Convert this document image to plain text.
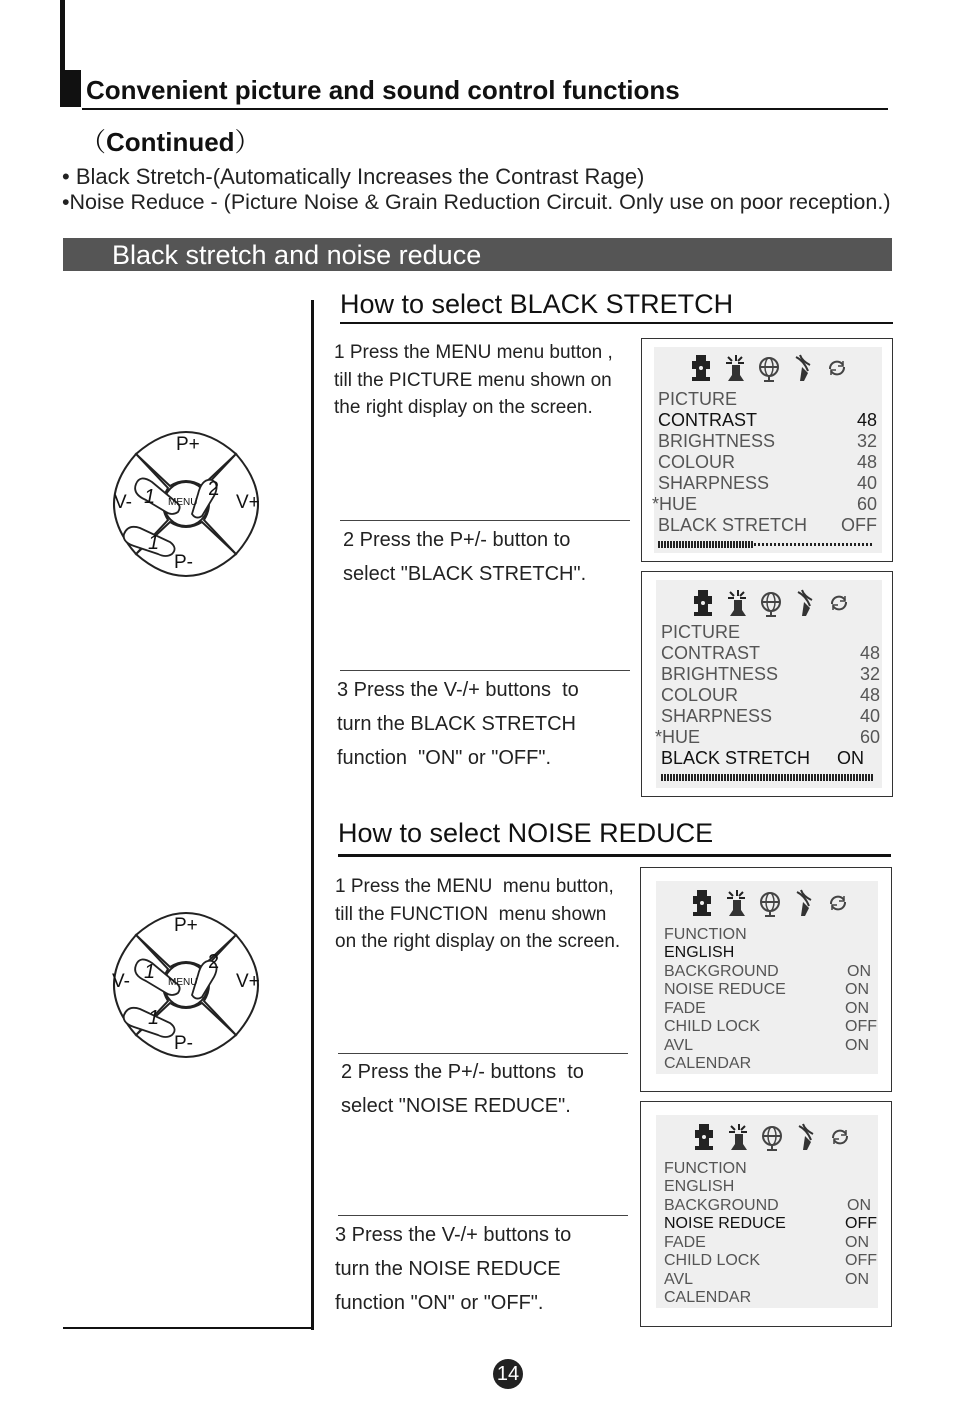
Convenient picture and sound control functions
（Continued）
• Black Stretch-(Automatically Increases the Contrast Rage)
•Noise Reduce - (Picture Noise & Grain Reduction Circuit. Only use on poor reception.)
Black stretch and noise reduce
How to select BLACK STRETCH
1 Press the MENU menu button ,
till the PICTURE menu shown on
the right display on the screen.
2 Press the P+/- button to
select "BLACK STRETCH".
3 Press the V-/+ buttons  to
turn the BLACK STRETCH
function  "ON" or "OFF".
PICTURE

CONTRAST	48

BRIGHTNESS	32

COLOUR	48

SHARPNESS	40

*HUE	60

BLACK STRETCH OFF

PICTURE

CONTRAST	48

BRIGHTNESS	32

COLOUR	48

SHARPNESS	40

*HUE	60

BLACK STRETCH ON

How to select NOISE REDUCE
1 Press the MENU  menu button,
till the FUNCTION  menu shown
on the right display on the screen.
2 Press the P+/- buttons  to
select "NOISE REDUCE".
3 Press the V-/+ buttons to
turn the NOISE REDUCE
function "ON" or "OFF".
FUNCTION

ENGLISH

BACKGROUND	ON

NOISE REDUCE	ON

FADE	ON

CHILD LOCK	OFF

AVL	ON

CALENDAR

FUNCTION

ENGLISH

BACKGROUND	ON

NOISE REDUCE	OFF

FADE	ON

CHILD LOCK	OFF

AVL	ON

CALENDAR

P+
P-
V-	V+
MENU
1	2
1
P+
P-
V-	V+
MENU
1	2
1
14
